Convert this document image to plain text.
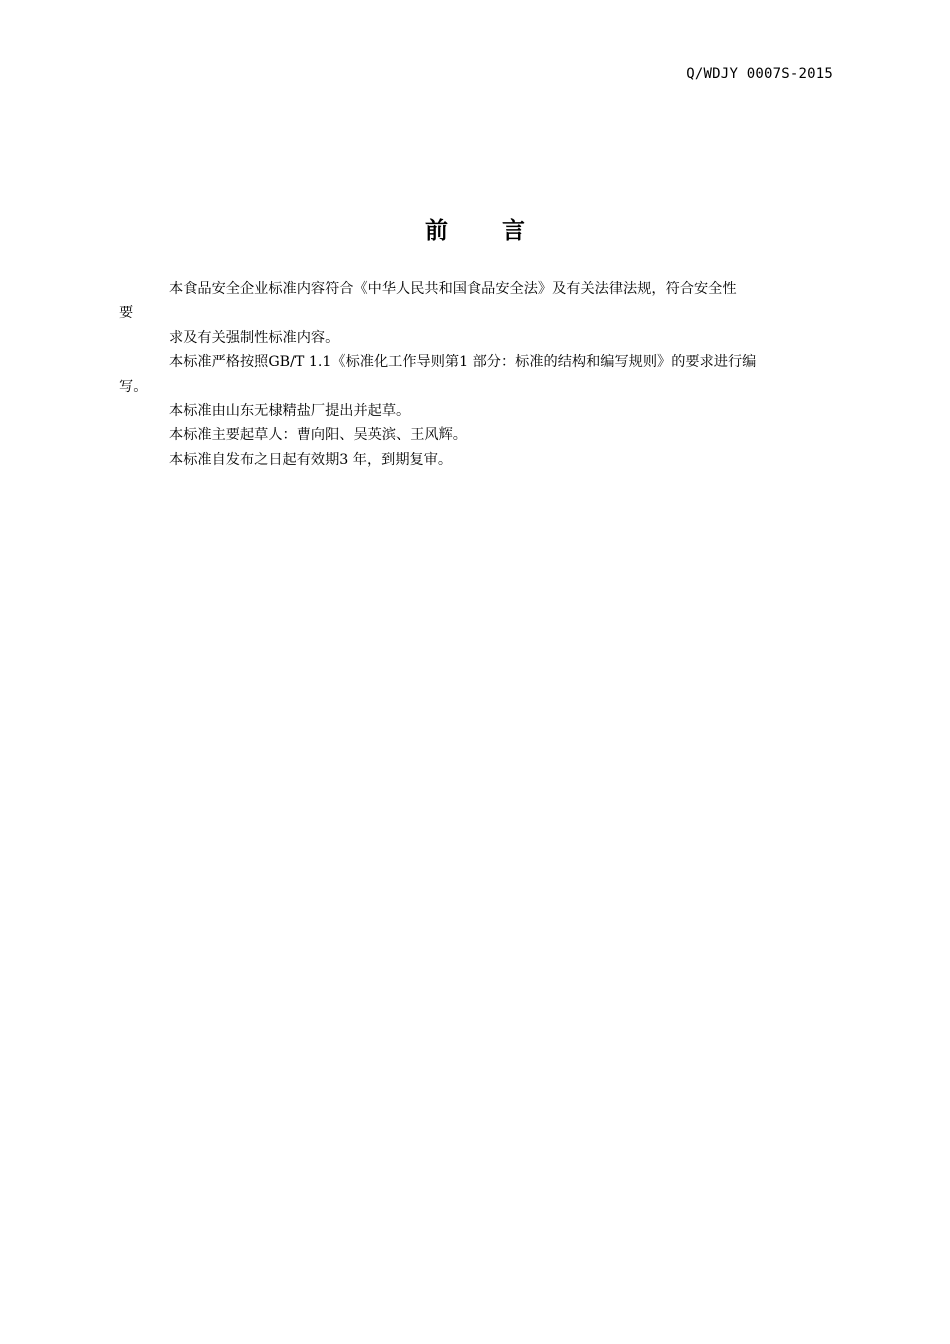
Q/WDJY 0007S-2015
前 言

本食品安全企业标准内容符合《中华人民共和国食品安全法》及有关法律法规，符合安全性

要

求及有关强制性标准内容。

本标准严格按照GB/T 1.1《标准化工作导则第1 部分：标准的结构和编写规则》的要求进行编

写。

本标准由山东无棣精盐厂提出并起草。

本标准主要起草人：曹向阳、吴英滨、王风辉。

本标准自发布之日起有效期3 年，到期复审。
